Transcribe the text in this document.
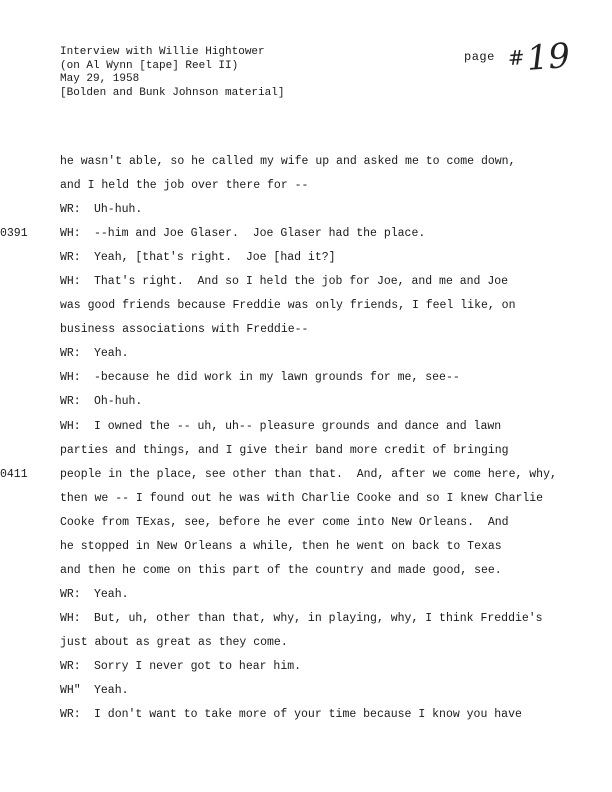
Interview with Willie Hightower
(on Al Wynn [tape] Reel II)
May 29, 1958
[Bolden and Bunk Johnson material]
page #19
he wasn't able, so he called my wife up and asked me to come down,
and I held the job over there for --
WR: Uh-huh.
0391	WH: --him and Joe Glaser.  Joe Glaser had the place.
WR: Yeah, [that's right.  Joe [had it?]
WH: That's right.  And so I held the job for Joe, and me and Joe
was good friends because Freddie was only friends, I feel like, on
business associations with Freddie--
WR: Yeah.
WH: -because he did work in my lawn grounds for me, see--
WR: Oh-huh.
WH: I owned the -- uh, uh-- pleasure grounds and dance and lawn
parties and things, and I give their band more credit of bringing
0411	people in the place, see other than that.  And, after we come here, why,
then we -- I found out he was with Charlie Cooke and so I knew Charlie
Cooke from TExas, see, before he ever come into New Orleans.  And
he stopped in New Orleans a while, then he went on back to Texas
and then he come on this part of the country and made good, see.
WR: Yeah.
WH: But, uh, other than that, why, in playing, why, I think Freddie's
just about as great as they come.
WR: Sorry I never got to hear him.
WH" Yeah.
WR: I don't want to take more of your time because I know you have
